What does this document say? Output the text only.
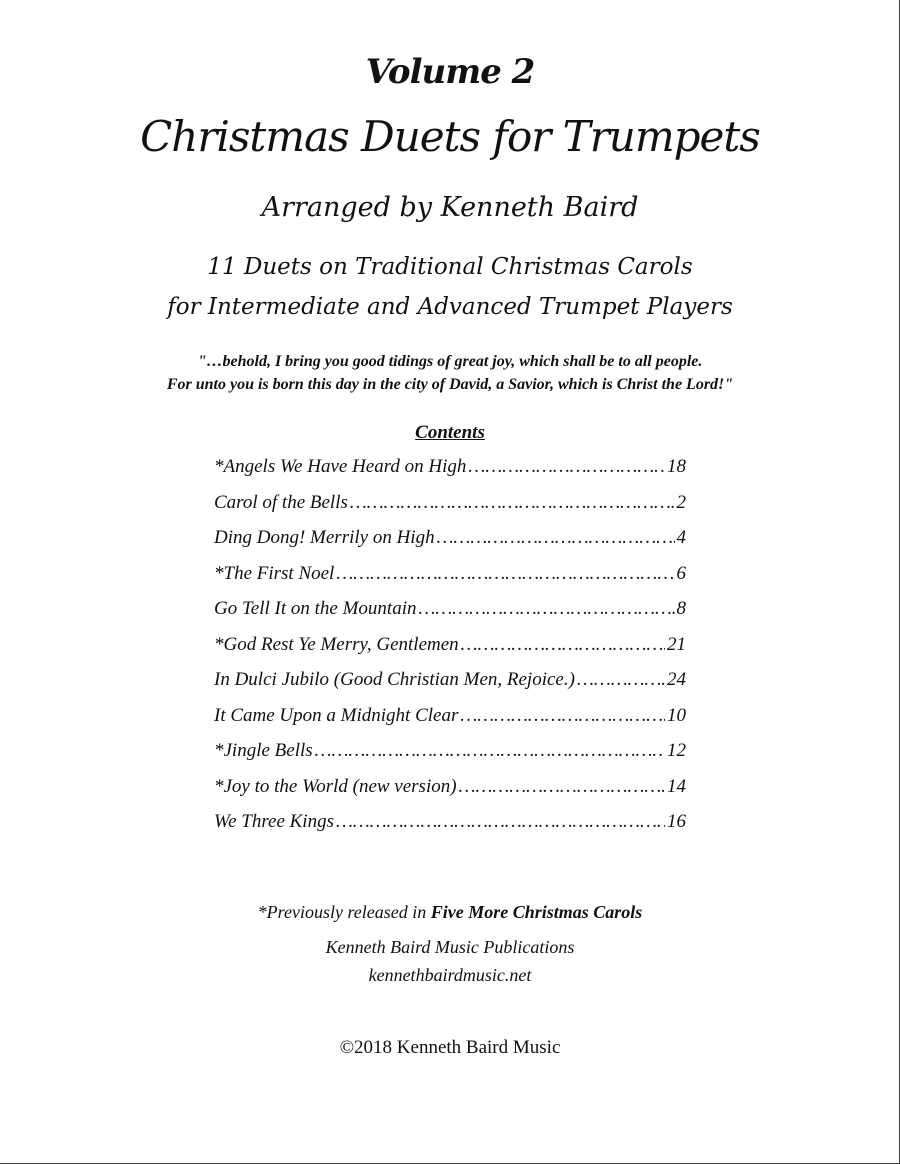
Volume 2
Christmas Duets for Trumpets
Arranged by Kenneth Baird
11 Duets on Traditional Christmas Carols
for Intermediate and Advanced Trumpet Players
"…behold, I bring you good tidings of great joy, which shall be to all people.
For unto you is born this day in the city of David, a Savior, which is Christ the Lord!"
Contents
*Angels We Have Heard on High …………………………………………………………………………………………………………………………	18
Carol of the Bells …………………………………………………………………………………………………………………………	2
Ding Dong! Merrily on High …………………………………………………………………………………………………………………………	4
*The First Noel …………………………………………………………………………………………………………………………	6
Go Tell It on the Mountain …………………………………………………………………………………………………………………………	8
*God Rest Ye Merry, Gentlemen …………………………………………………………………………………………………………………………	21
In Dulci Jubilo (Good Christian Men, Rejoice.) …………………………………………………………………………………………………………………………	24
It Came Upon a Midnight Clear …………………………………………………………………………………………………………………………	10
*Jingle Bells …………………………………………………………………………………………………………………………	12
*Joy to the World (new version) …………………………………………………………………………………………………………………………	14
We Three Kings …………………………………………………………………………………………………………………………	16
*Previously released in Five More Christmas Carols
Kenneth Baird Music Publications
kennethbairdmusic.net
©2018 Kenneth Baird Music
